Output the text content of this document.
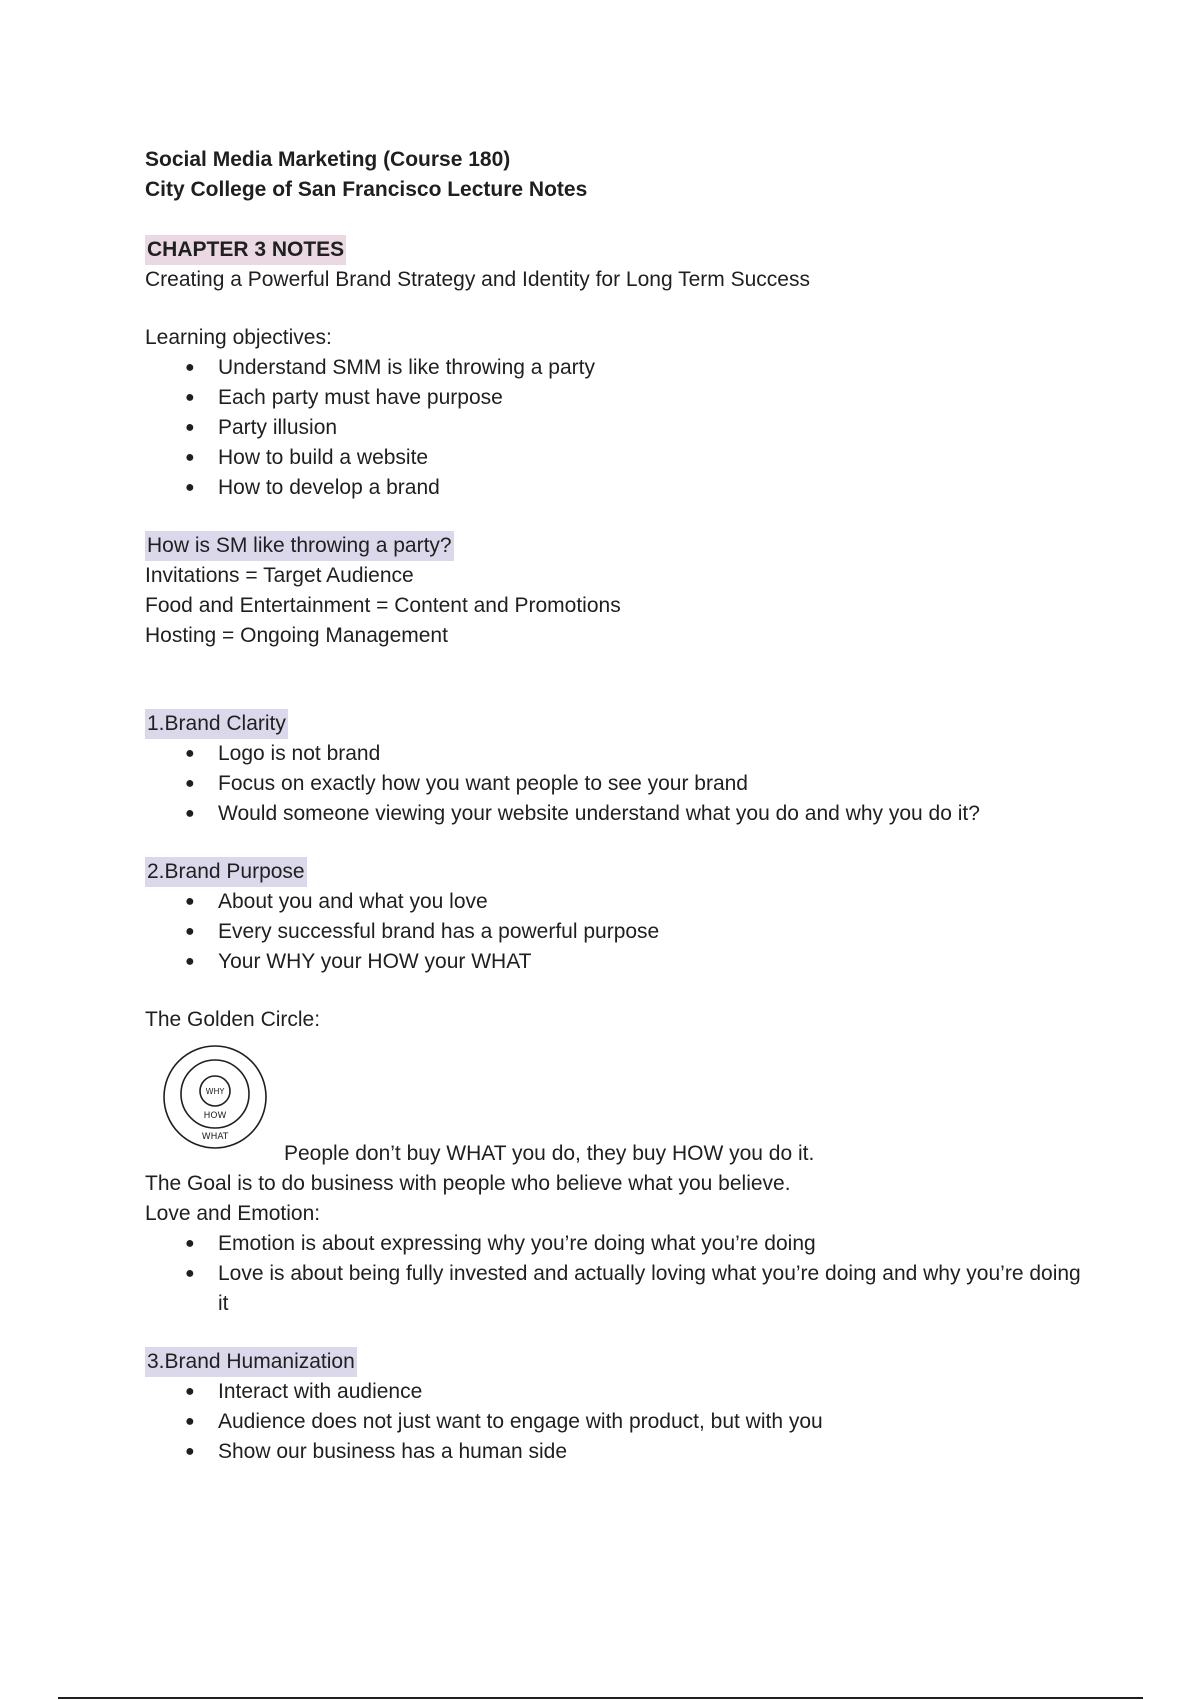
Social Media Marketing (Course 180)

City College of San Francisco Lecture Notes

CHAPTER 3 NOTES

Creating a Powerful Brand Strategy and Identity for Long Term Success

Learning objectives:

● Understand SMM is like throwing a party
● Each party must have purpose
● Party illusion
● How to build a website
● How to develop a brand
How is SM like throwing a party?

Invitations = Target Audience

Food and Entertainment = Content and Promotions

Hosting = Ongoing Management

1.Brand Clarity
● Logo is not brand
● Focus on exactly how you want people to see your brand
● Would someone viewing your website understand what you do and why you do it?
2.Brand Purpose
● About you and what you love
● Every successful brand has a powerful purpose
● Your WHY your HOW your WHAT

The Golden Circle:

WHY
HOW
WHAT
People don’t buy WHAT you do, they buy HOW you do it.

The Goal is to do business with people who believe what you believe.

Love and Emotion:

● Emotion is about expressing why you’re doing what you’re doing
● Love is about being fully invested and actually loving what you’re doing and why you’re doing it
3.Brand Humanization
● Interact with audience
● Audience does not just want to engage with product, but with you
● Show our business has a human side
